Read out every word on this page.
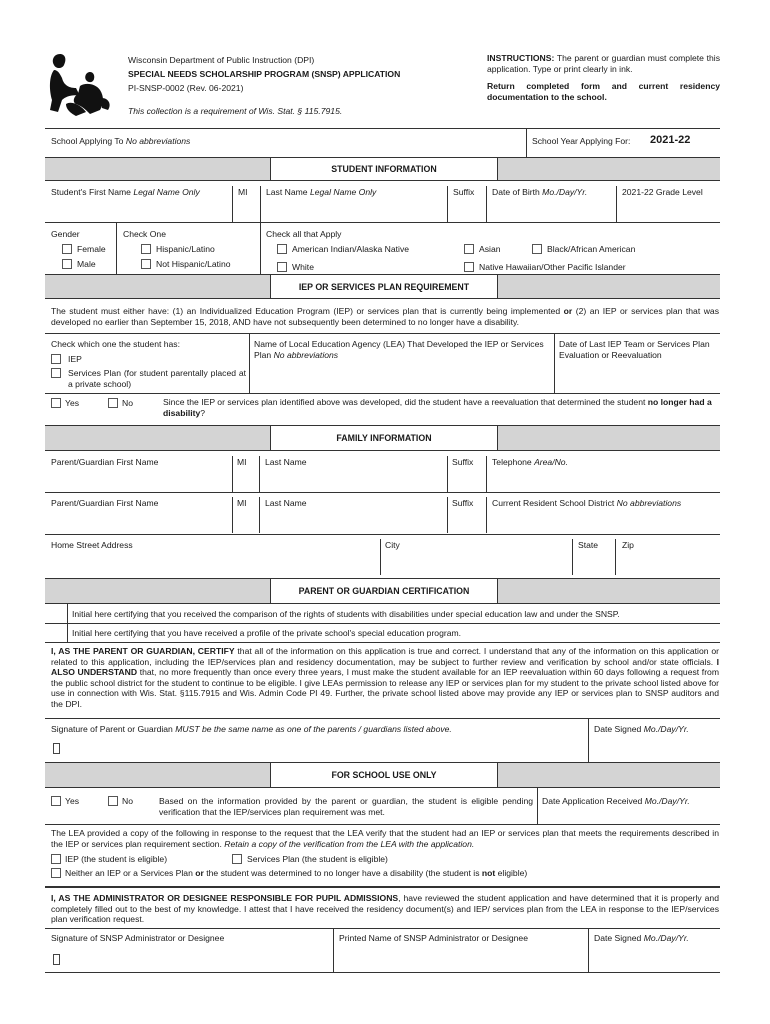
Wisconsin Department of Public Instruction (DPI)
SPECIAL NEEDS SCHOLARSHIP PROGRAM (SNSP) APPLICATION
PI-SNSP-0002 (Rev. 06-2021)
This collection is a requirement of Wis. Stat. § 115.7915.
INSTRUCTIONS: The parent or guardian must complete this application. Type or print clearly in ink.
Return completed form and current residency documentation to the school.
School Applying To No abbreviations	School Year Applying For: 2021-22
STUDENT INFORMATION
Student's First Name Legal Name Only	MI Last Name Legal Name Only	Suffix Date of Birth Mo./Day/Yr.	2021-22 Grade Level
Gender
Female
Male
Check One
Hispanic/Latino
Not Hispanic/Latino
Check all that Apply
American Indian/Alaska Native	Asian	Black/African American
White	Native Hawaiian/Other Pacific Islander
IEP OR SERVICES PLAN REQUIREMENT
The student must either have: (1) an Individualized Education Program (IEP) or services plan that is currently being implemented or (2) an IEP or services plan that was developed no earlier than September 15, 2018, AND have not subsequently been determined to no longer have a disability.
Check which one the student has:
IEP
Services Plan (for student parentally placed at a private school)
Name of Local Education Agency (LEA) That Developed the IEP or Services Plan No abbreviations
Date of Last IEP Team or Services Plan Evaluation or Reevaluation
Yes	No	Since the IEP or services plan identified above was developed, did the student have a reevaluation that determined the student no longer had a disability?
FAMILY INFORMATION
Parent/Guardian First Name	MI Last Name	Suffix Telephone Area/No.
Parent/Guardian First Name	MI Last Name	Suffix Current Resident School District No abbreviations
Home Street Address	City	State	Zip
PARENT OR GUARDIAN CERTIFICATION
Initial here certifying that you received the comparison of the rights of students with disabilities under special education law and under the SNSP.
Initial here certifying that you have received a profile of the private school's special education program.
I, AS THE PARENT OR GUARDIAN, CERTIFY that all of the information on this application is true and correct. I understand that any of the information on this application or related to this application, including the IEP/services plan and residency documentation, may be subject to further review and verification by school and/or state officials. I ALSO UNDERSTAND that, no more frequently than once every three years, I must make the student available for an IEP reevaluation within 60 days following a request from the public school district for the student to continue to be eligible. I give LEAs permission to release any IEP or services plan for my student to the private school listed above for use in connection with Wis. Stat. §115.7915 and Wis. Admin Code PI 49. Further, the private school listed above may provide any IEP or services plan to SNSP auditors and the DPI.
Signature of Parent or Guardian MUST be the same name as one of the parents / guardians listed above.	Date Signed Mo./Day/Yr.
FOR SCHOOL USE ONLY
Yes	No	Based on the information provided by the parent or guardian, the student is eligible pending verification that the IEP/services plan requirement was met.
Date Application Received Mo./Day/Yr.
The LEA provided a copy of the following in response to the request that the LEA verify that the student had an IEP or services plan that meets the requirements described in the IEP or services plan requirement section. Retain a copy of the verification from the LEA with the application.
IEP (the student is eligible)	Services Plan (the student is eligible)
Neither an IEP or a Services Plan or the student was determined to no longer have a disability (the student is not eligible)
I, AS THE ADMINISTRATOR OR DESIGNEE RESPONSIBLE FOR PUPIL ADMISSIONS, have reviewed the student application and have determined that it is properly and completely filled out to the best of my knowledge. I attest that I have received the residency document(s) and IEP/ services plan from the LEA in response to the IEP/services plan verification request.
Signature of SNSP Administrator or Designee	Printed Name of SNSP Administrator or Designee	Date Signed Mo./Day/Yr.
